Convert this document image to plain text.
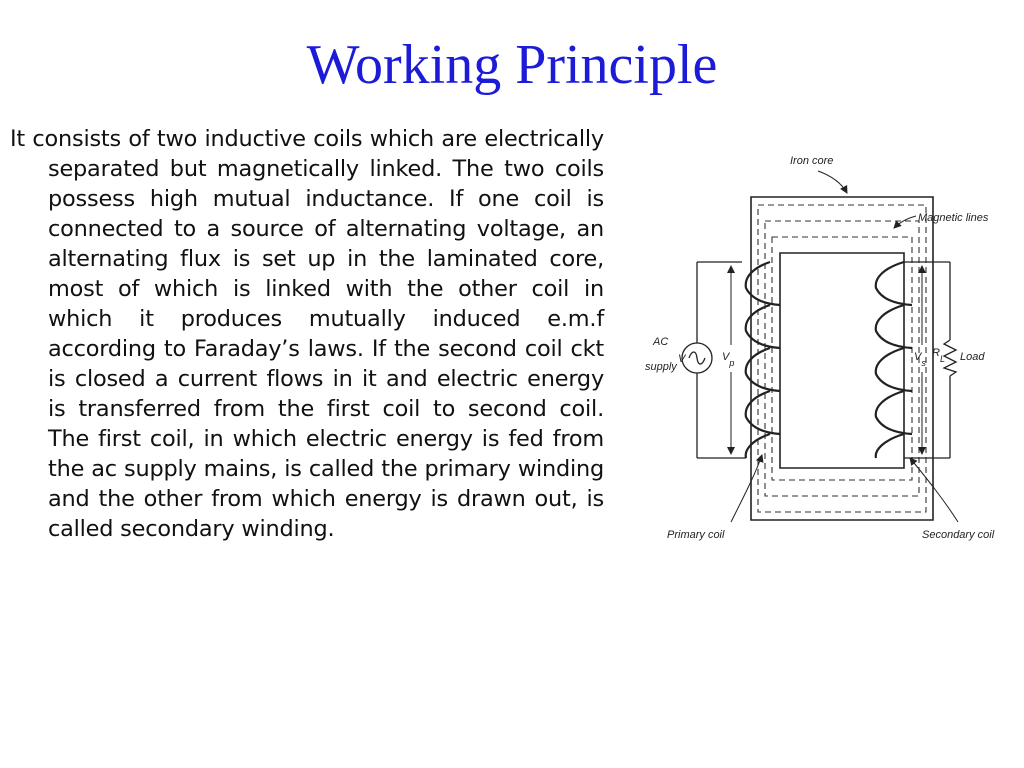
Working Principle

It consists of two inductive coils which are electrically separated but magnetically linked. The two coils possess high mutual inductance. If one coil is connected to a source of alternating voltage, an alternating flux is set up in the laminated core, most of which is linked with the other coil in which it produces mutually induced e.m.f according to Faraday’s laws. If the second coil ckt is closed a current flows in it and electric energy is transferred from the first coil to second coil. The first coil, in which electric energy is fed from the ac supply mains, is called the primary winding and the other from which energy is drawn out, is called secondary winding.

Iron core
Magnetic lines
AC
supply
V	$V_p$	$V_s$
$R_L$ Load
Primary coil	Secondary coil
